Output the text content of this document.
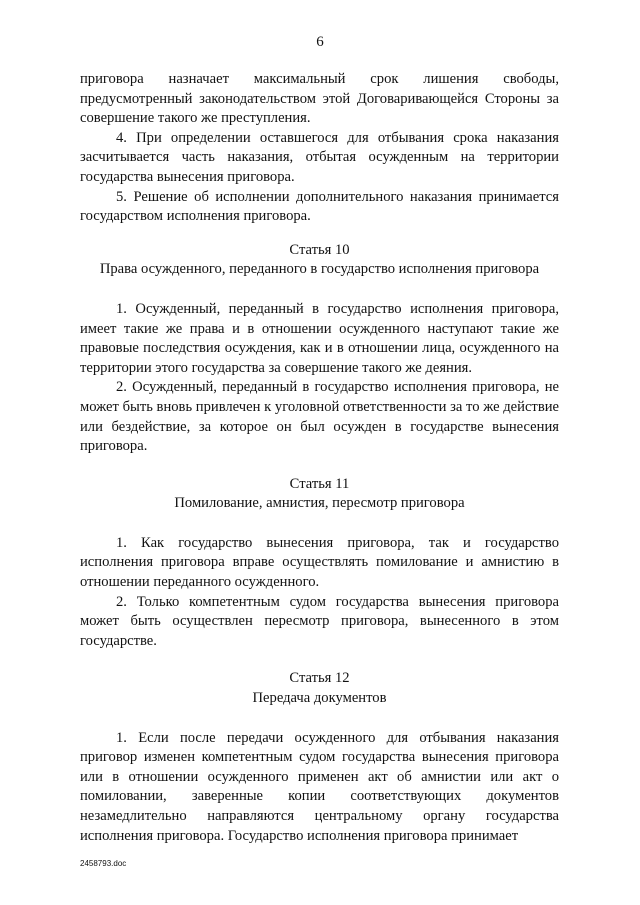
6

приговора назначает максимальный срок лишения свободы, предусмотренный законодательством этой Договаривающейся Стороны за совершение такого же преступления.

4. При определении оставшегося для отбывания срока наказания засчитывается часть наказания, отбытая осужденным на территории государства вынесения приговора.

5. Решение об исполнении дополнительного наказания принимается государством исполнения приговора.

Статья 10
Права осужденного, переданного в государство исполнения приговора

1. Осужденный, переданный в государство исполнения приговора, имеет такие же права и в отношении осужденного наступают такие же правовые последствия осуждения, как и в отношении лица, осужденного на территории этого государства за совершение такого же деяния.

2. Осужденный, переданный в государство исполнения приговора, не может быть вновь привлечен к уголовной ответственности за то же действие или бездействие, за которое он был осужден в государстве вынесения приговора.

Статья 11
Помилование, амнистия, пересмотр приговора

1. Как государство вынесения приговора, так и государство исполнения приговора вправе осуществлять помилование и амнистию в отношении переданного осужденного.

2. Только компетентным судом государства вынесения приговора может быть осуществлен пересмотр приговора, вынесенного в этом государстве.

Статья 12
Передача документов

1. Если после передачи осужденного для отбывания наказания приговор изменен компетентным судом государства вынесения приговора или в отношении осужденного применен акт об амнистии или акт о помиловании, заверенные копии соответствующих документов незамедлительно направляются центральному органу государства исполнения приговора. Государство исполнения приговора принимает

2458793.doc
